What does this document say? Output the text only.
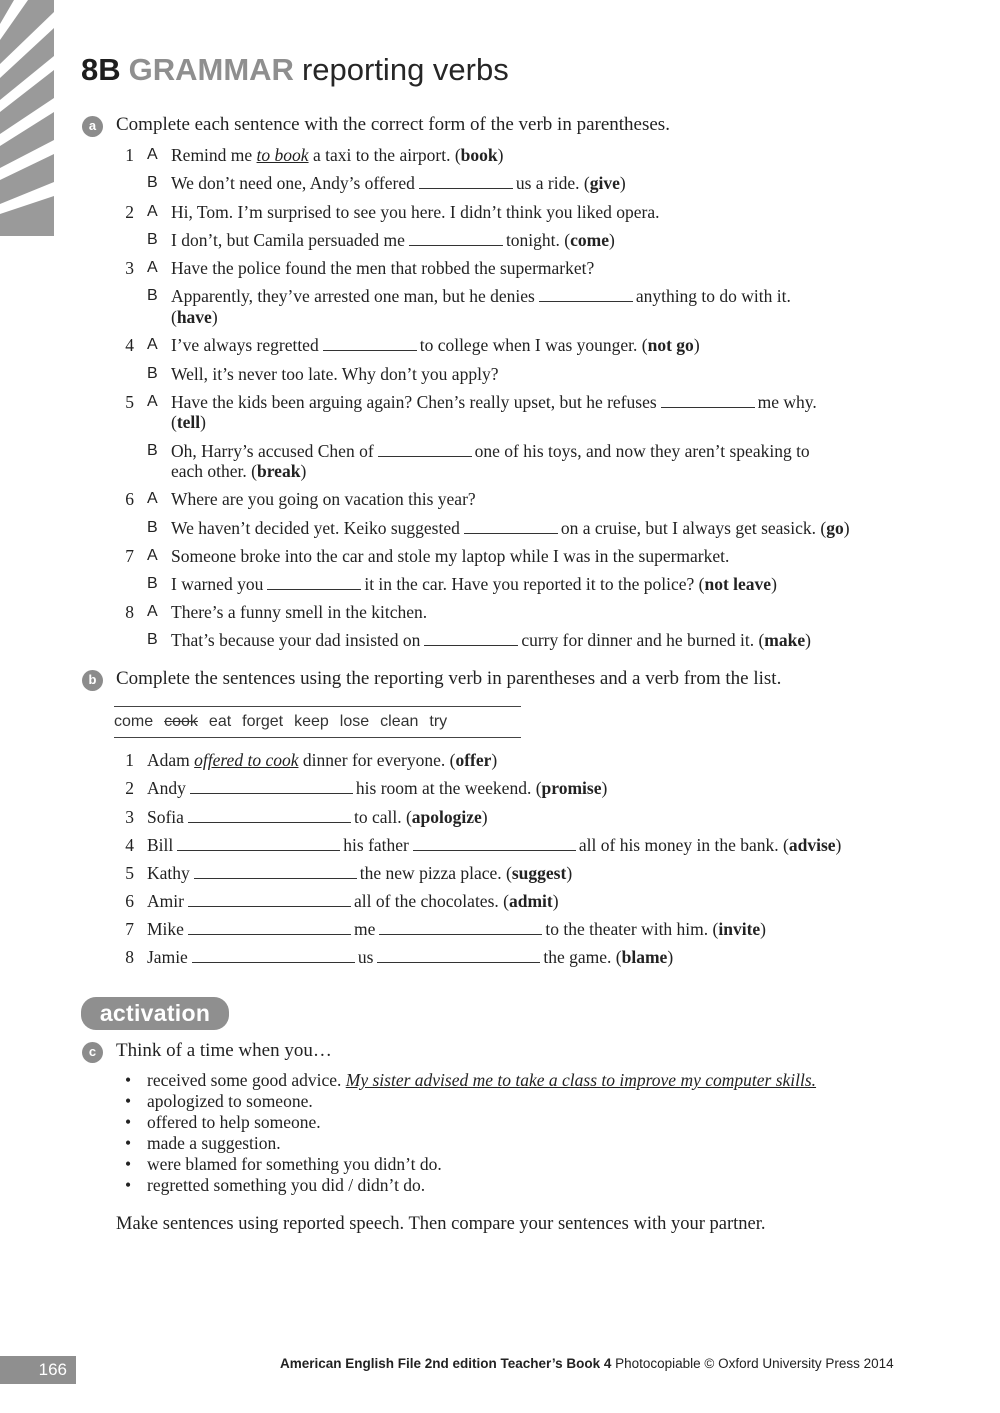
8B GRAMMAR reporting verbs
a	Complete each sentence with the correct form of the verb in parentheses.
1 A Remind me to book a taxi to the airport. (book)
B We don’t need one, Andy’s offered	us a ride. (give)
2 A Hi, Tom. I’m surprised to see you here. I didn’t think you liked opera.
B I don’t, but Camila persuaded me	tonight. (come)
3 A Have the police found the men that robbed the supermarket?
B Apparently, they’ve arrested one man, but he denies	anything to do with it.
(have)
4 A I’ve always regretted	to college when I was younger. (not go)
B Well, it’s never too late. Why don’t you apply?
5 A Have the kids been arguing again? Chen’s really upset, but he refuses	me why.
(tell)
B Oh, Harry’s accused Chen of	one of his toys, and now they aren’t speaking to
each other. (break)
6 A Where are you going on vacation this year?
B We haven’t decided yet. Keiko suggested	on a cruise, but I always get seasick. (go)
7 A Someone broke into the car and stole my laptop while I was in the supermarket.
B I warned you	it in the car. Have you reported it to the police? (not leave)
8 A There’s a funny smell in the kitchen.
B That’s because your dad insisted on	curry for dinner and he burned it. (make)
b	Complete the sentences using the reporting verb in parentheses and a verb from the list.
come cook eat forget keep lose clean try
1 Adam offered to cook dinner for everyone. (offer)
2 Andy	his room at the weekend. (promise)
3 Sofia	to call. (apologize)
4 Bill	his father	all of his money in the bank. (advise)
5 Kathy	the new pizza place. (suggest)
6 Amir	all of the chocolates. (admit)
7 Mike	me	to the theater with him. (invite)
8 Jamie	us	the game. (blame)
activation
c	Think of a time when you…
• received some good advice. My sister advised me to take a class to improve my computer skills.
• apologized to someone.
• offered to help someone.
• made a suggestion.
• were blamed for something you didn’t do.
• regretted something you did / didn’t do.
Make sentences using reported speech. Then compare your sentences with your partner.
166	American English File 2nd edition Teacher’s Book 4 Photocopiable © Oxford University Press 2014
